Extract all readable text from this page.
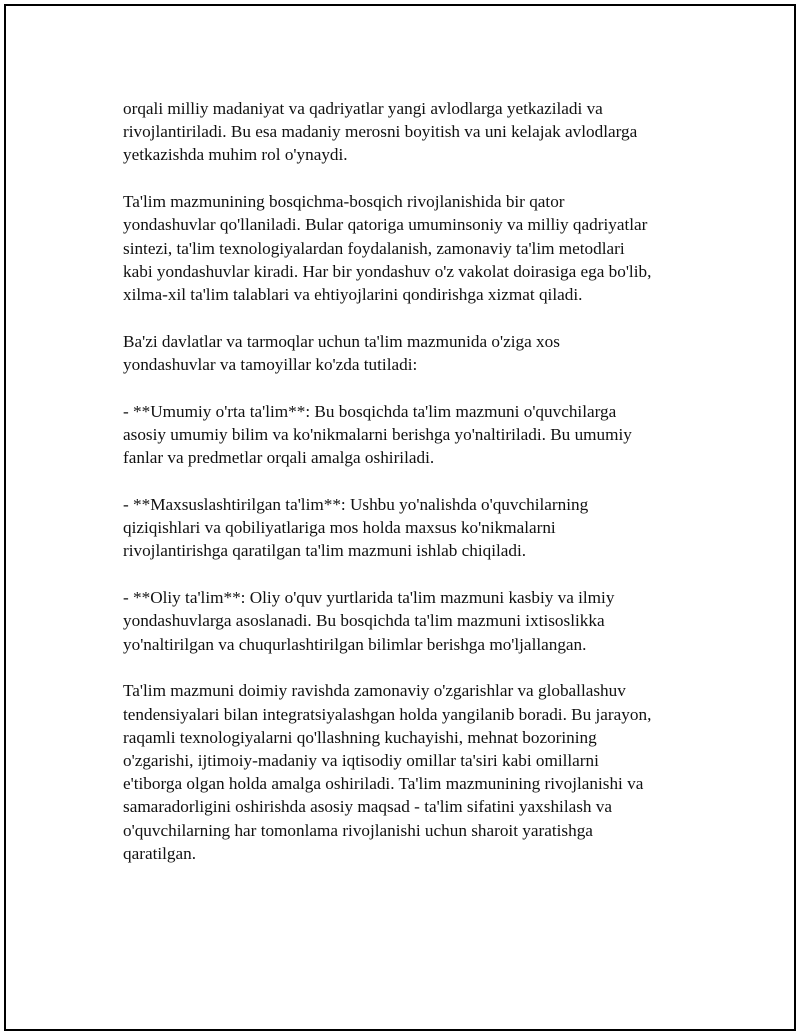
orqali milliy madaniyat va qadriyatlar yangi avlodlarga yetkaziladi va
rivojlantiriladi. Bu esa madaniy merosni boyitish va uni kelajak avlodlarga
yetkazishda muhim rol o'ynaydi.

Ta'lim mazmunining bosqichma-bosqich rivojlanishida bir qator
yondashuvlar qo'llaniladi. Bular qatoriga umuminsoniy va milliy qadriyatlar
sintezi, ta'lim texnologiyalardan foydalanish, zamonaviy ta'lim metodlari
kabi yondashuvlar kiradi. Har bir yondashuv o'z vakolat doirasiga ega bo'lib,
xilma-xil ta'lim talablari va ehtiyojlarini qondirishga xizmat qiladi.

Ba'zi davlatlar va tarmoqlar uchun ta'lim mazmunida o'ziga xos
yondashuvlar va tamoyillar ko'zda tutiladi:

- **Umumiy o'rta ta'lim**: Bu bosqichda ta'lim mazmuni o'quvchilarga
asosiy umumiy bilim va ko'nikmalarni berishga yo'naltiriladi. Bu umumiy
fanlar va predmetlar orqali amalga oshiriladi.

- **Maxsuslashtirilgan ta'lim**: Ushbu yo'nalishda o'quvchilarning
qiziqishlari va qobiliyatlariga mos holda maxsus ko'nikmalarni
rivojlantirishga qaratilgan ta'lim mazmuni ishlab chiqiladi.

- **Oliy ta'lim**: Oliy o'quv yurtlarida ta'lim mazmuni kasbiy va ilmiy
yondashuvlarga asoslanadi. Bu bosqichda ta'lim mazmuni ixtisoslikka
yo'naltirilgan va chuqurlashtirilgan bilimlar berishga mo'ljallangan.

Ta'lim mazmuni doimiy ravishda zamonaviy o'zgarishlar va globallashuv
tendensiyalari bilan integratsiyalashgan holda yangilanib boradi. Bu jarayon,
raqamli texnologiyalarni qo'llashning kuchayishi, mehnat bozorining
o'zgarishi, ijtimoiy-madaniy va iqtisodiy omillar ta'siri kabi omillarni
e'tiborga olgan holda amalga oshiriladi. Ta'lim mazmunining rivojlanishi va
samaradorligini oshirishda asosiy maqsad - ta'lim sifatini yaxshilash va
o'quvchilarning har tomonlama rivojlanishi uchun sharoit yaratishga
qaratilgan.
